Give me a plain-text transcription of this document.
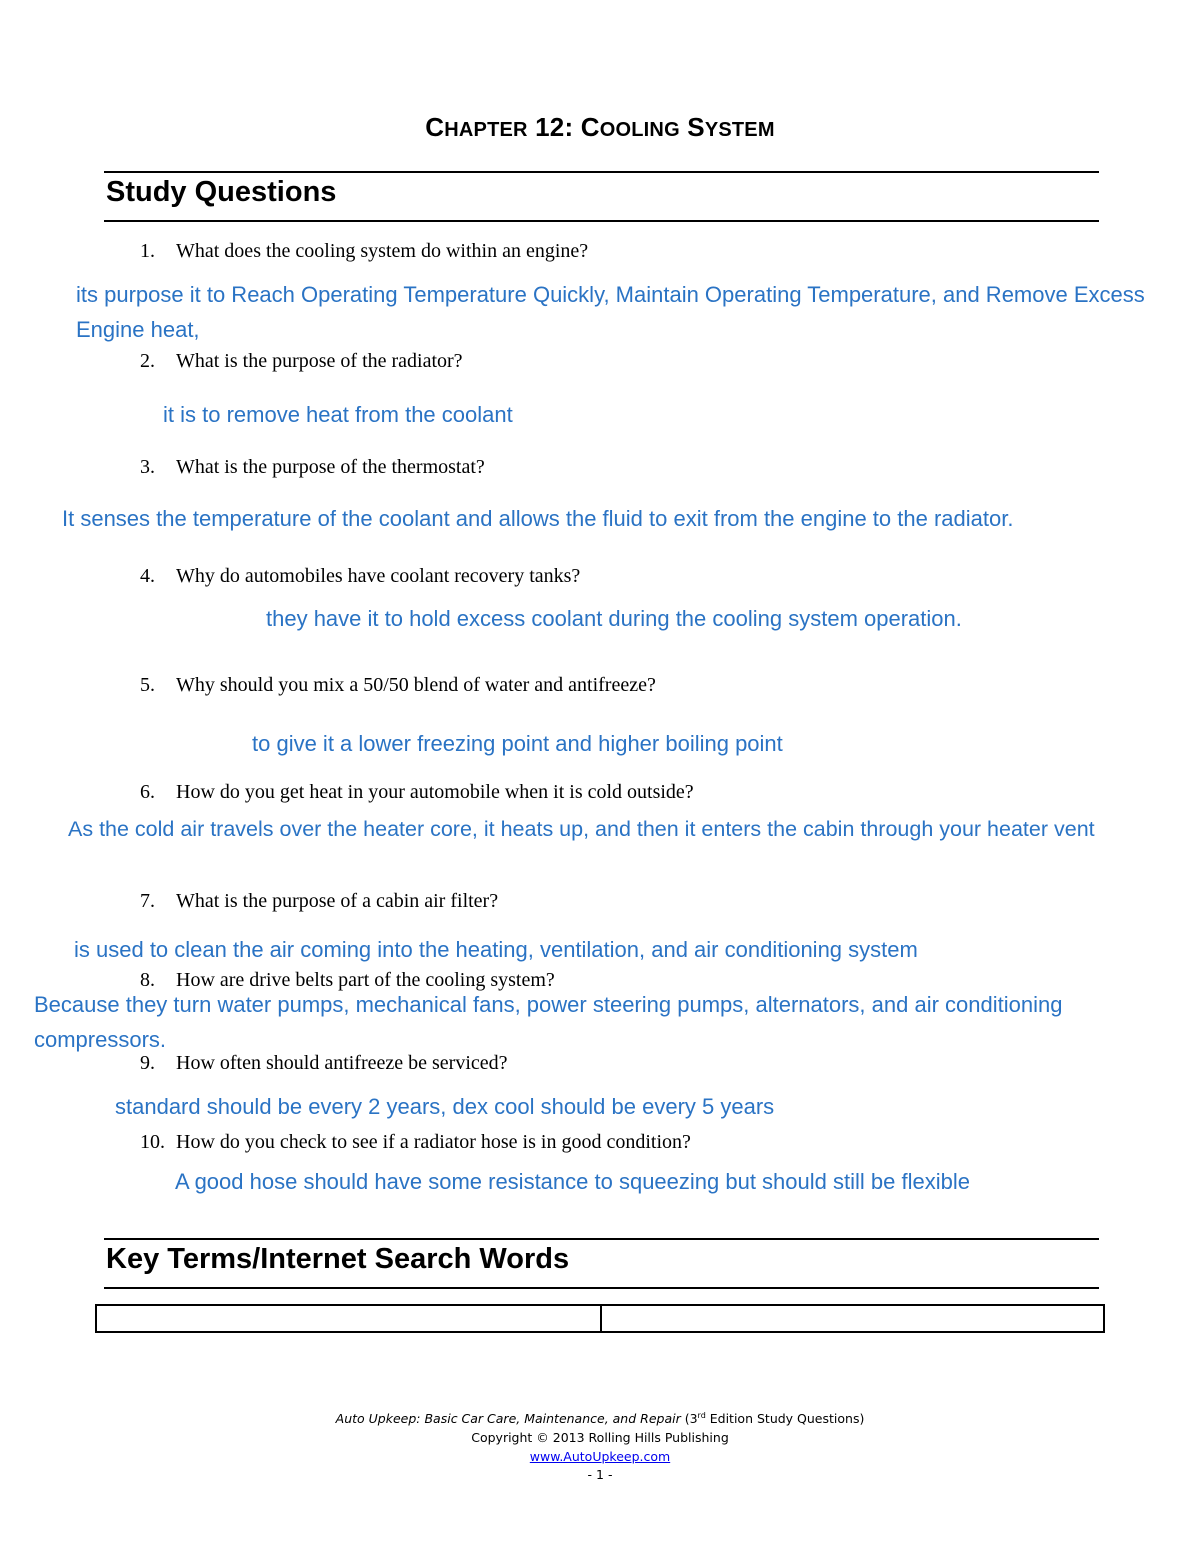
CHAPTER 12: COOLING SYSTEM
Study Questions
1. What does the cooling system do within an engine?
its purpose it to Reach Operating Temperature Quickly, Maintain Operating Temperature, and Remove Excess Engine heat,
2. What is the purpose of the radiator?
it is to remove heat from the coolant
3. What is the purpose of the thermostat?
It senses the temperature of the coolant and allows the fluid to exit from the engine to the radiator.
4. Why do automobiles have coolant recovery tanks?
they have it to hold excess coolant during the cooling system operation.
5. Why should you mix a 50/50 blend of water and antifreeze?
to give it a lower freezing point and higher boiling point
6. How do you get heat in your automobile when it is cold outside?
As the cold air travels over the heater core, it heats up, and then it enters the cabin through your heater vent
7. What is the purpose of a cabin air filter?
is used to clean the air coming into the heating, ventilation, and air conditioning system
8. How are drive belts part of the cooling system?
Because they turn water pumps, mechanical fans, power steering pumps, alternators, and air conditioning compressors.
9. How often should antifreeze be serviced?
standard should be every 2 years, dex cool should be every 5 years
10. How do you check to see if a radiator hose is in good condition?
A good hose should have some resistance to squeezing but should still be flexible
Key Terms/Internet Search Words
Auto Upkeep: Basic Car Care, Maintenance, and Repair (3rd Edition Study Questions)
Copyright © 2013 Rolling Hills Publishing
www.AutoUpkeep.com
- 1 -
